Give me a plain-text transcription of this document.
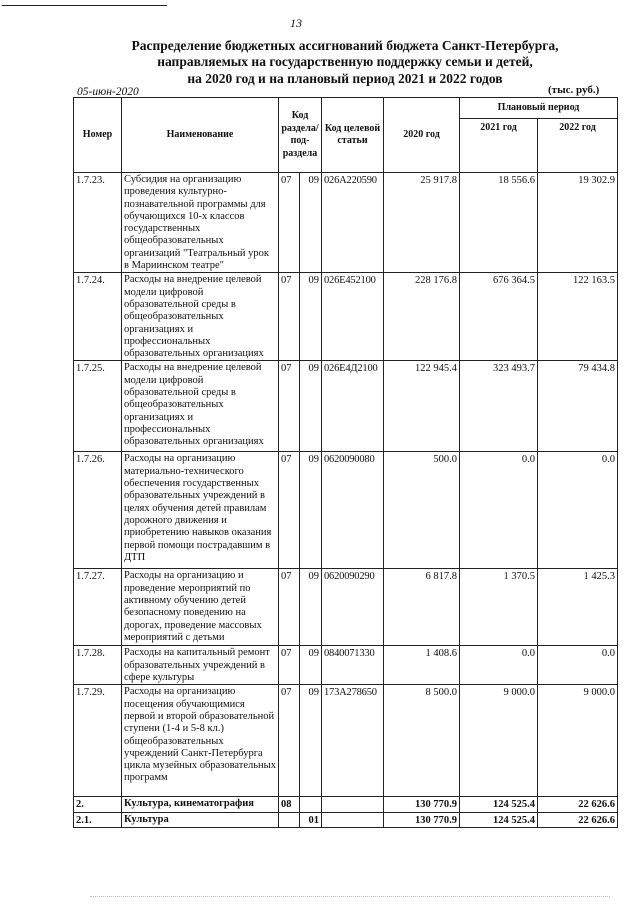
13
Распределение бюджетных ассигнований бюджета Санкт-Петербурга,
направляемых на государственную поддержку семьи и детей,
на 2020 год и на плановый период 2021 и 2022 годов
05-июн-2020	(тыс. руб.)
Номер	Наименование	Код раздела/ под-раздела		Код целевой статьи	2020 год	Плановый период	
						2021 год	2022 год
1.7.23.	Субсидия на организацию проведения культурно-познавательной программы для обучающихся 10-х классов государственных общеобразовательных организаций "Театральный урок в Мариинском театре"	07	09	026А220590	25 917.8	18 556.6	19 302.9
1.7.24.	Расходы на внедрение целевой модели цифровой образовательной среды в общеобразовательных организациях и профессиональных образовательных организациях	07	09	026Е452100	228 176.8	676 364.5	122 163.5
1.7.25.	Расходы на внедрение целевой модели цифровой образовательной среды в общеобразовательных организациях и профессиональных образовательных организациях	07	09	026Е4Д2100	122 945.4	323 493.7	79 434.8
1.7.26.	Расходы на организацию материально-технического обеспечения государственных образовательных учреждений в целях обучения детей правилам дорожного движения и приобретению навыков оказания первой помощи пострадавшим в ДТП	07	09	0620090080	500.0	0.0	0.0
1.7.27.	Расходы на организацию и проведение мероприятий по активному обучению детей безопасному поведению на дорогах, проведение массовых мероприятий с детьми	07	09	0620090290	6 817.8	1 370.5	1 425.3
1.7.28.	Расходы на капитальный ремонт образовательных учреждений в сфере культуры	07	09	0840071330	1 408.6	0.0	0.0
1.7.29.	Расходы на организацию посещения обучающимися первой и второй образовательной ступени (1-4 и 5-8 кл.) общеобразовательных учреждений Санкт-Петербурга цикла музейных образовательных программ	07	09	173А278650	8 500.0	9 000.0	9 000.0
2.	Культура, кинематография	08			130 770.9	124 525.4	22 626.6
2.1.	Культура		01		130 770.9	124 525.4	22 626.6
